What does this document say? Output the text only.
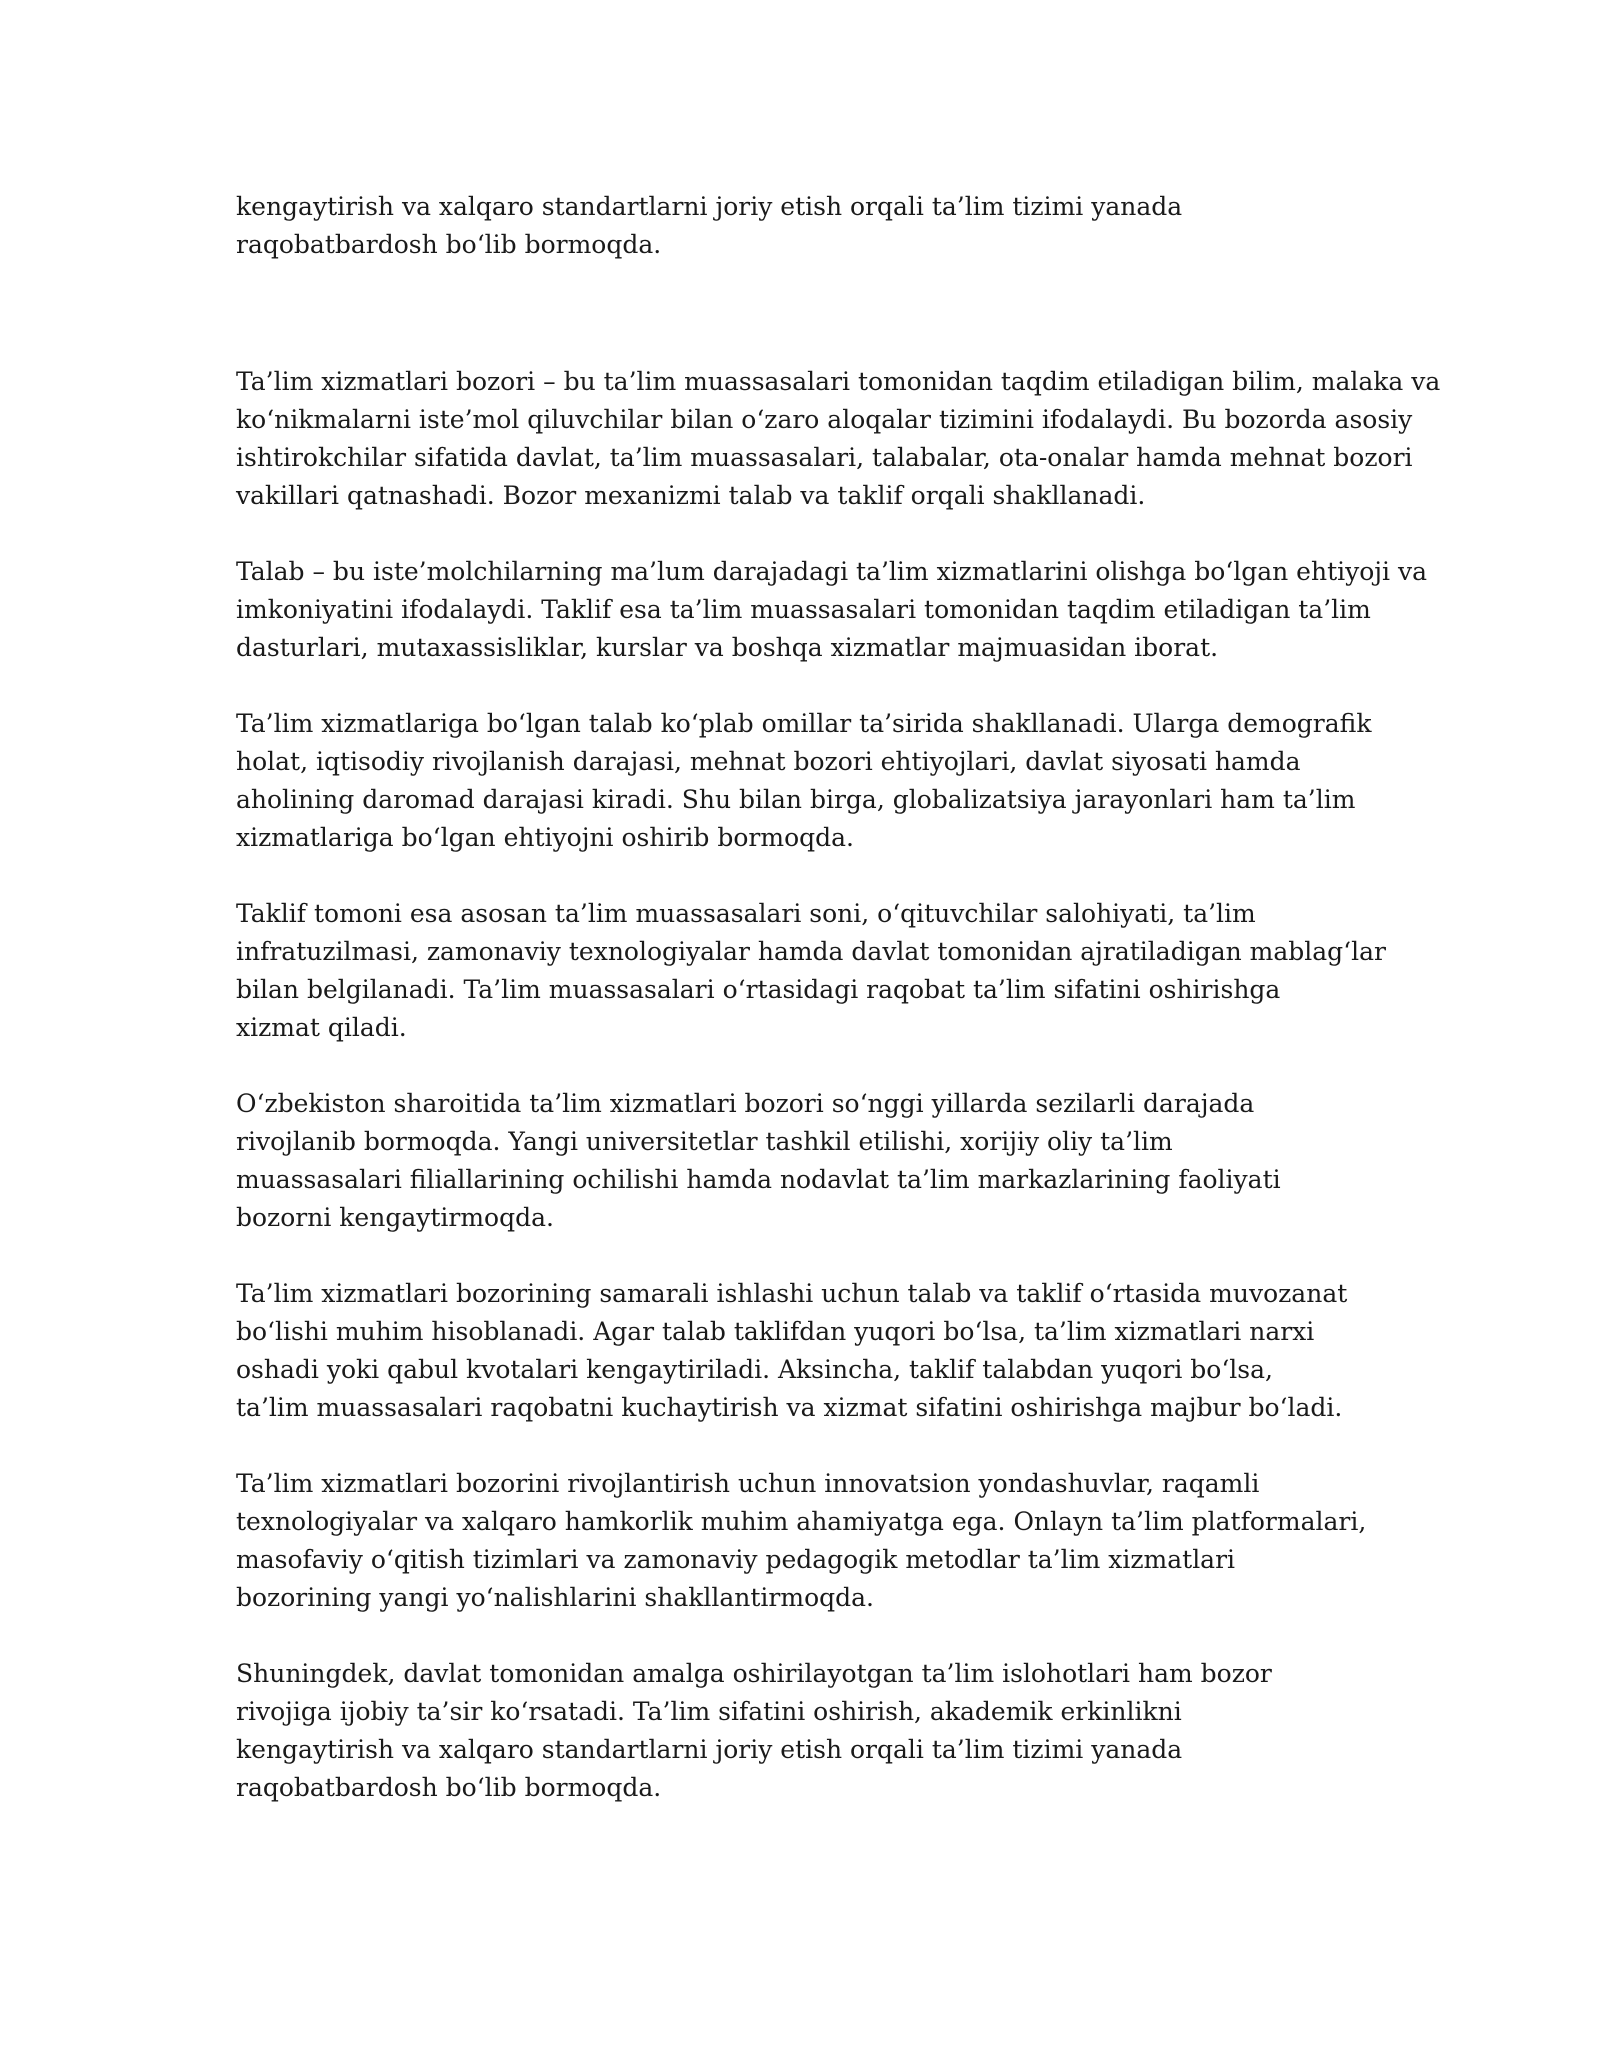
kengaytirish va xalqaro standartlarni joriy etish orqali ta’lim tizimi yanada
raqobatbardosh bo‘lib bormoqda.

Ta’lim xizmatlari bozori – bu ta’lim muassasalari tomonidan taqdim etiladigan bilim, malaka va
ko‘nikmalarni iste’mol qiluvchilar bilan o‘zaro aloqalar tizimini ifodalaydi. Bu bozorda asosiy
ishtirokchilar sifatida davlat, ta’lim muassasalari, talabalar, ota-onalar hamda mehnat bozori
vakillari qatnashadi. Bozor mexanizmi talab va taklif orqali shakllanadi.

Talab – bu iste’molchilarning ma’lum darajadagi ta’lim xizmatlarini olishga bo‘lgan ehtiyoji va
imkoniyatini ifodalaydi. Taklif esa ta’lim muassasalari tomonidan taqdim etiladigan ta’lim
dasturlari, mutaxassisliklar, kurslar va boshqa xizmatlar majmuasidan iborat.

Ta’lim xizmatlariga bo‘lgan talab ko‘plab omillar ta’sirida shakllanadi. Ularga demografik
holat, iqtisodiy rivojlanish darajasi, mehnat bozori ehtiyojlari, davlat siyosati hamda
aholining daromad darajasi kiradi. Shu bilan birga, globalizatsiya jarayonlari ham ta’lim
xizmatlariga bo‘lgan ehtiyojni oshirib bormoqda.

Taklif tomoni esa asosan ta’lim muassasalari soni, o‘qituvchilar salohiyati, ta’lim
infratuzilmasi, zamonaviy texnologiyalar hamda davlat tomonidan ajratiladigan mablag‘lar
bilan belgilanadi. Ta’lim muassasalari o‘rtasidagi raqobat ta’lim sifatini oshirishga
xizmat qiladi.

O‘zbekiston sharoitida ta’lim xizmatlari bozori so‘nggi yillarda sezilarli darajada
rivojlanib bormoqda. Yangi universitetlar tashkil etilishi, xorijiy oliy ta’lim
muassasalari filiallarining ochilishi hamda nodavlat ta’lim markazlarining faoliyati
bozorni kengaytirmoqda.

Ta’lim xizmatlari bozorining samarali ishlashi uchun talab va taklif o‘rtasida muvozanat
bo‘lishi muhim hisoblanadi. Agar talab taklifdan yuqori bo‘lsa, ta’lim xizmatlari narxi
oshadi yoki qabul kvotalari kengaytiriladi. Aksincha, taklif talabdan yuqori bo‘lsa,
ta’lim muassasalari raqobatni kuchaytirish va xizmat sifatini oshirishga majbur bo‘ladi.

Ta’lim xizmatlari bozorini rivojlantirish uchun innovatsion yondashuvlar, raqamli
texnologiyalar va xalqaro hamkorlik muhim ahamiyatga ega. Onlayn ta’lim platformalari,
masofaviy o‘qitish tizimlari va zamonaviy pedagogik metodlar ta’lim xizmatlari
bozorining yangi yo‘nalishlarini shakllantirmoqda.

Shuningdek, davlat tomonidan amalga oshirilayotgan ta’lim islohotlari ham bozor
rivojiga ijobiy ta’sir ko‘rsatadi. Ta’lim sifatini oshirish, akademik erkinlikni
kengaytirish va xalqaro standartlarni joriy etish orqali ta’lim tizimi yanada
raqobatbardosh bo‘lib bormoqda.
